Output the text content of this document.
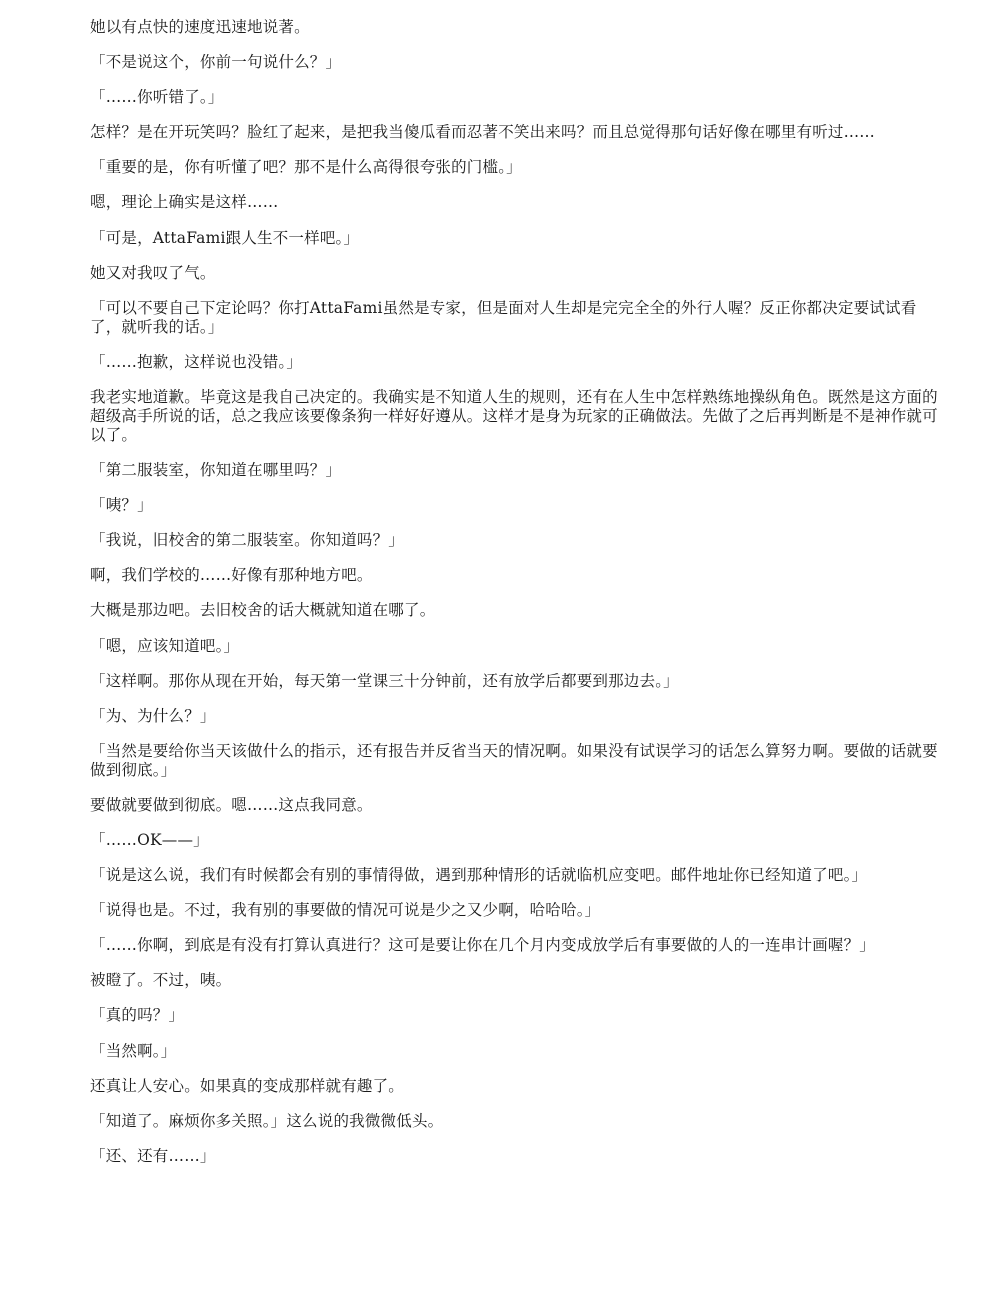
她以有点快的速度迅速地说著。

「不是说这个，你前一句说什么？」

「……你听错了。」

怎样？是在开玩笑吗？脸红了起来，是把我当傻瓜看而忍著不笑出来吗？而且总觉得那句话好像在哪里有听过……

「重要的是，你有听懂了吧？那不是什么高得很夸张的门槛。」

嗯，理论上确实是这样……

「可是，AttaFami跟人生不一样吧。」

她又对我叹了气。

「可以不要自己下定论吗？你打AttaFami虽然是专家，但是面对人生却是完完全全的外行人喔？反正你都决定要试试看了，就听我的话。」

「……抱歉，这样说也没错。」

我老实地道歉。毕竟这是我自己决定的。我确实是不知道人生的规则，还有在人生中怎样熟练地操纵角色。既然是这方面的超级高手所说的话，总之我应该要像条狗一样好好遵从。这样才是身为玩家的正确做法。先做了之后再判断是不是神作就可以了。

「第二服装室，你知道在哪里吗？」

「咦？」

「我说，旧校舍的第二服装室。你知道吗？」

啊，我们学校的……好像有那种地方吧。

大概是那边吧。去旧校舍的话大概就知道在哪了。

「嗯，应该知道吧。」

「这样啊。那你从现在开始，每天第一堂课三十分钟前，还有放学后都要到那边去。」

「为、为什么？」

「当然是要给你当天该做什么的指示，还有报告并反省当天的情况啊。如果没有试误学习的话怎么算努力啊。要做的话就要做到彻底。」

要做就要做到彻底。嗯……这点我同意。

「……OK——」

「说是这么说，我们有时候都会有别的事情得做，遇到那种情形的话就临机应变吧。邮件地址你已经知道了吧。」

「说得也是。不过，我有别的事要做的情况可说是少之又少啊，哈哈哈。」

「……你啊，到底是有没有打算认真进行？这可是要让你在几个月内变成放学后有事要做的人的一连串计画喔？」

被瞪了。不过，咦。

「真的吗？」

「当然啊。」

还真让人安心。如果真的变成那样就有趣了。

「知道了。麻烦你多关照。」这么说的我微微低头。

「还、还有……」
